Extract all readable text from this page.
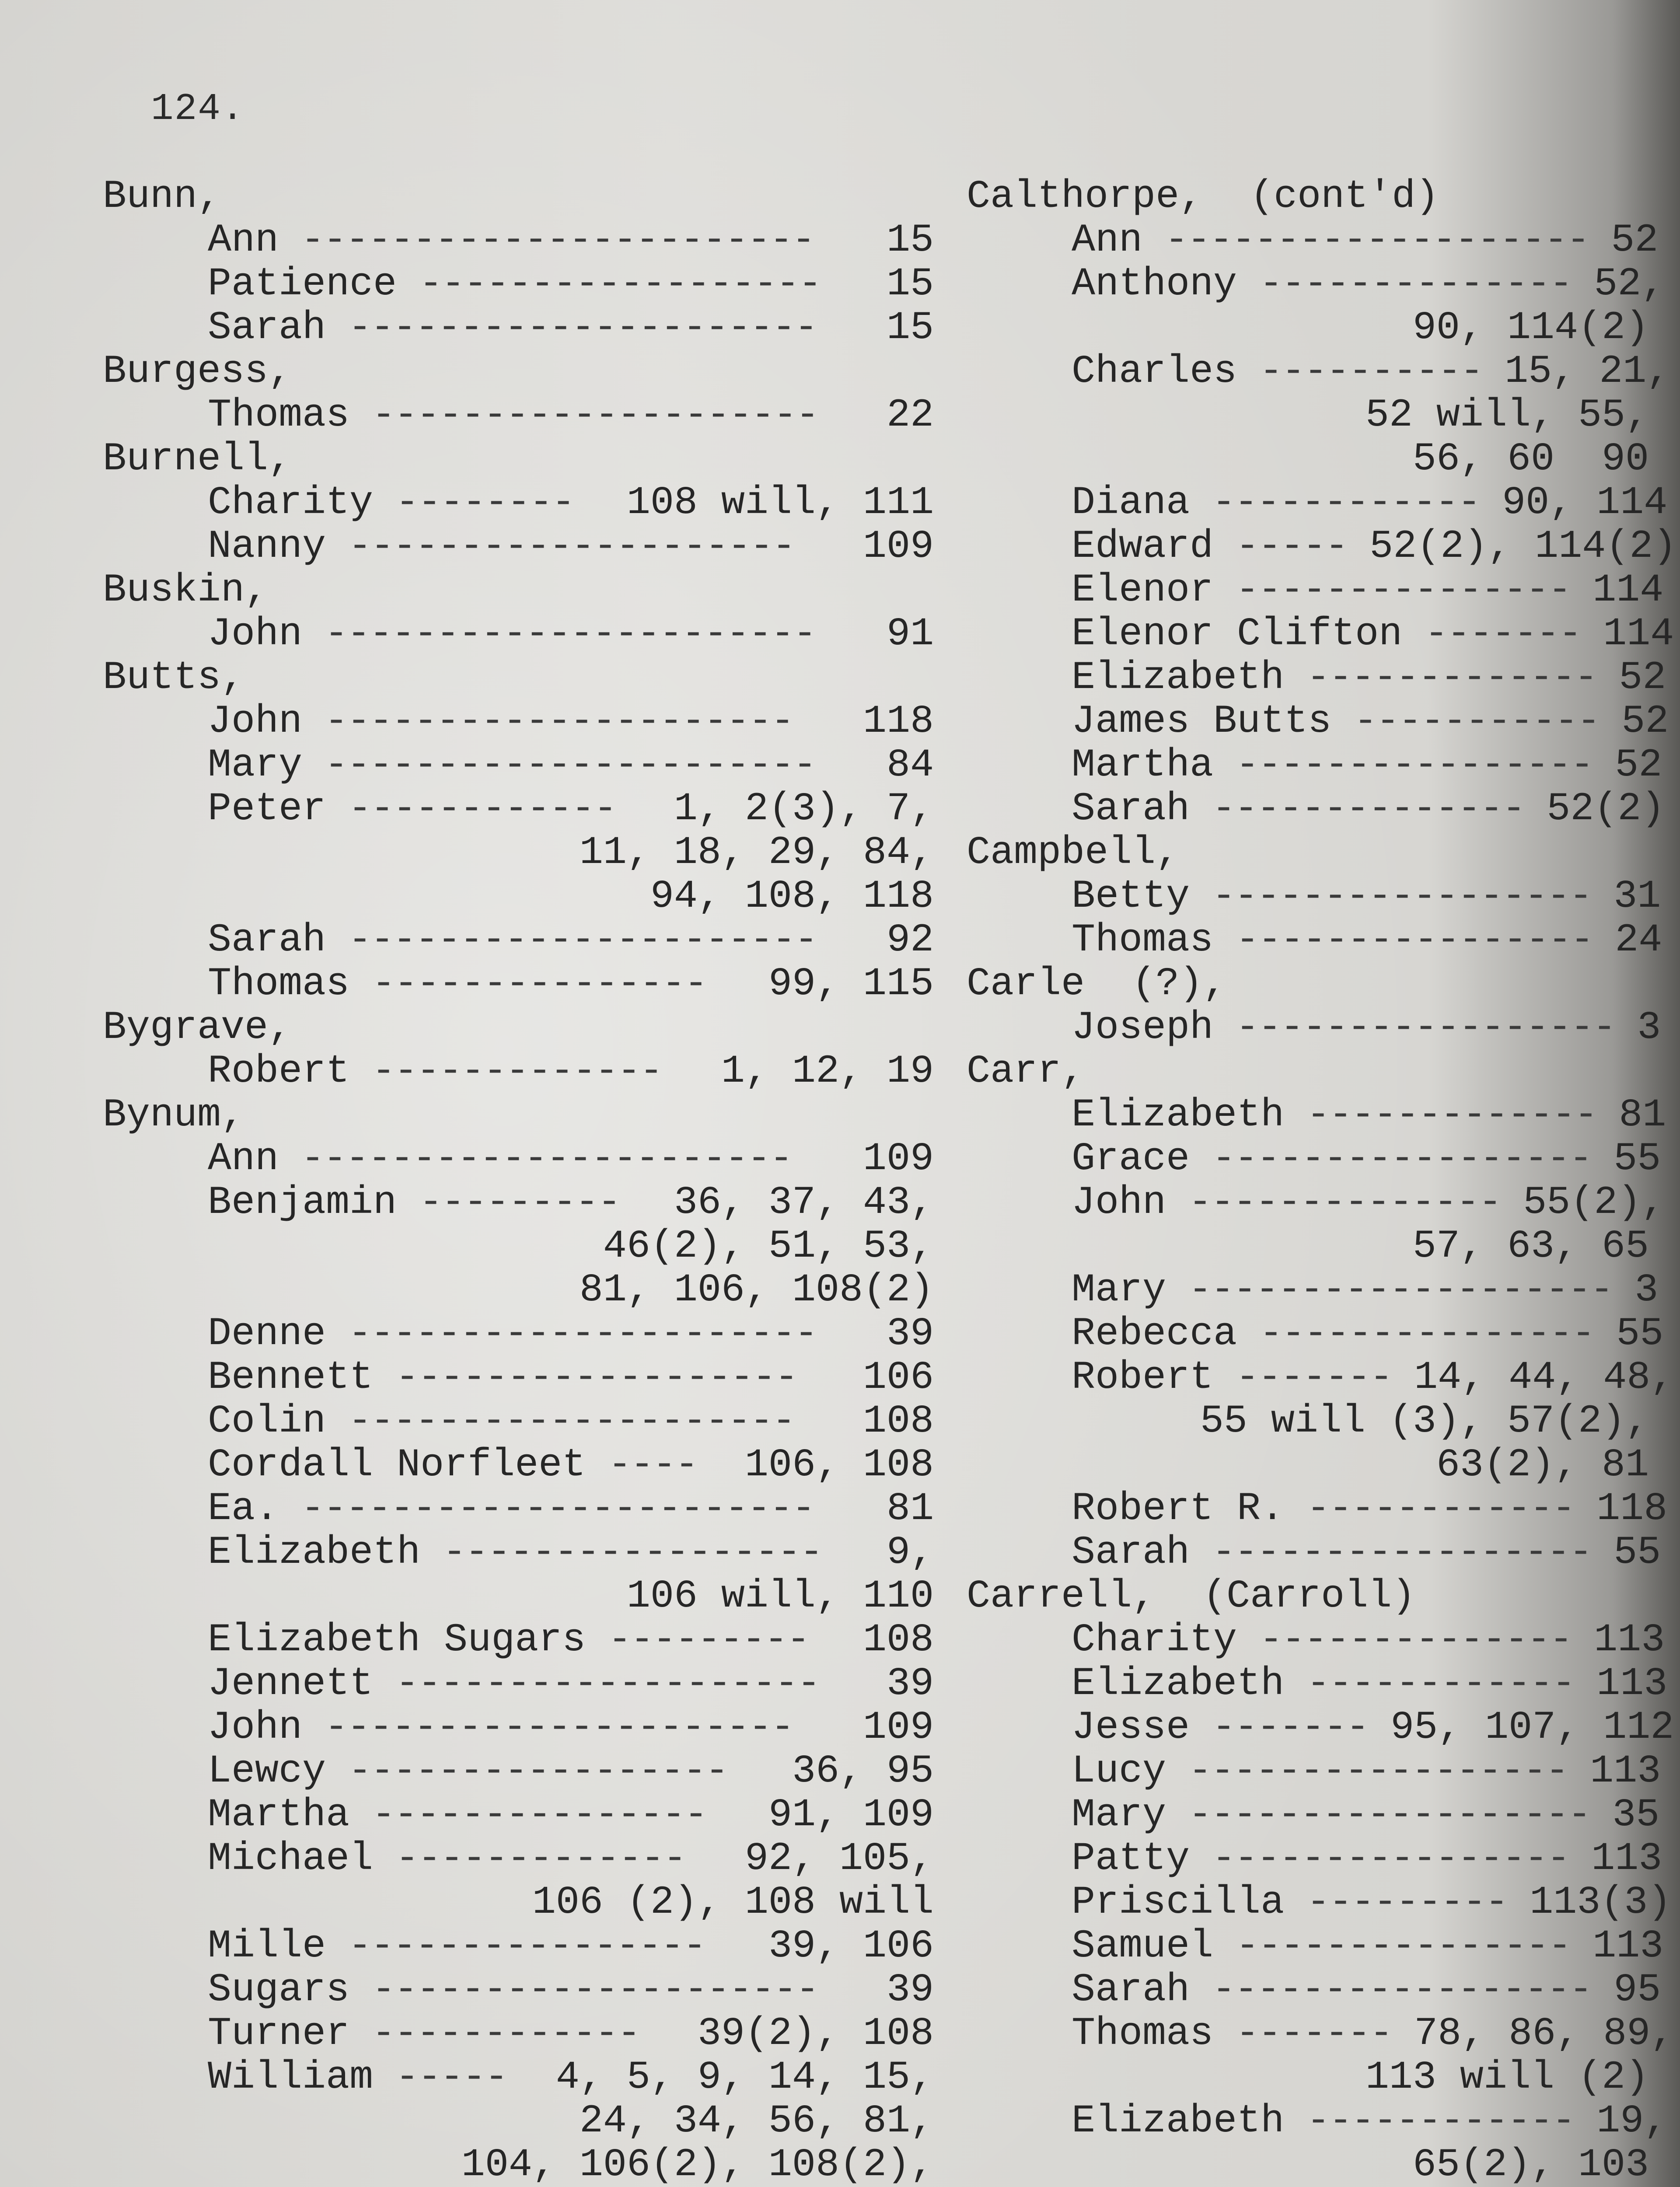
124.
Bunn,
Ann -----------------------	15
Patience ------------------	15
Sarah ---------------------	15
Burgess,
Thomas --------------------	22
Burnell,
Charity -------- 108 will, 111
Nanny --------------------	109
Buskin,
John ----------------------	91
Butts,
John ---------------------	118
Mary ----------------------	84
Peter ------------ 1, 2(3), 7,
11, 18, 29, 84,
94, 108, 118
Sarah ---------------------	92
Thomas ---------------	99, 115
Bygrave,
Robert ------------- 1, 12, 19
Bynum,
Ann ----------------------	109
Benjamin --------- 36, 37, 43,
46(2), 51, 53,
81, 106, 108(2)
Denne ---------------------	39
Bennett ------------------	106
Colin --------------------	108
Cordall Norfleet ---- 106, 108
Ea. -----------------------	81
Elizabeth -----------------	9,
106 will, 110
Elizabeth Sugars --------- 108
Jennett -------------------	39
John ---------------------	109
Lewcy -----------------	36, 95
Martha ---------------	91, 109
Michael ------------- 92, 105,
106 (2), 108 will
Mille ----------------	39, 106
Sugars --------------------	39
Turner ------------ 39(2), 108
William ----- 4, 5, 9, 14, 15,
24, 34, 56, 81,
104, 106(2), 108(2),
Calthorpe,  (cont'd)
Ann ------------------- 52
Anthony -------------- 52,
90, 114(2)
Charles ---------- 15, 21,
52 will, 55,
56, 60  90
Diana ------------ 90, 114
Edward ----- 52(2), 114(2)
Elenor --------------- 114
Elenor Clifton ------- 114
Elizabeth ------------- 52
James Butts ----------- 52
Martha ---------------- 52
Sarah -------------- 52(2)
Campbell,
Betty ----------------- 31
Thomas ---------------- 24
Carle  (?),
Joseph ----------------- 3
Carr,
Elizabeth ------------- 81
Grace ----------------- 55
John -------------- 55(2),
57, 63, 65
Mary ------------------- 3
Rebecca --------------- 55
Robert ------- 14, 44, 48,
55 will (3), 57(2),
63(2), 81
Robert R. ------------ 118
Sarah ----------------- 55
Carrell,  (Carroll)
Charity -------------- 113
Elizabeth ------------ 113
Jesse ------- 95, 107, 112
Lucy ----------------- 113
Mary ------------------ 35
Patty ---------------- 113
Priscilla --------- 113(3)
Samuel --------------- 113
Sarah ----------------- 95
Thomas ------- 78, 86, 89,
113 will (2)
Elizabeth ------------ 19,
65(2), 103
